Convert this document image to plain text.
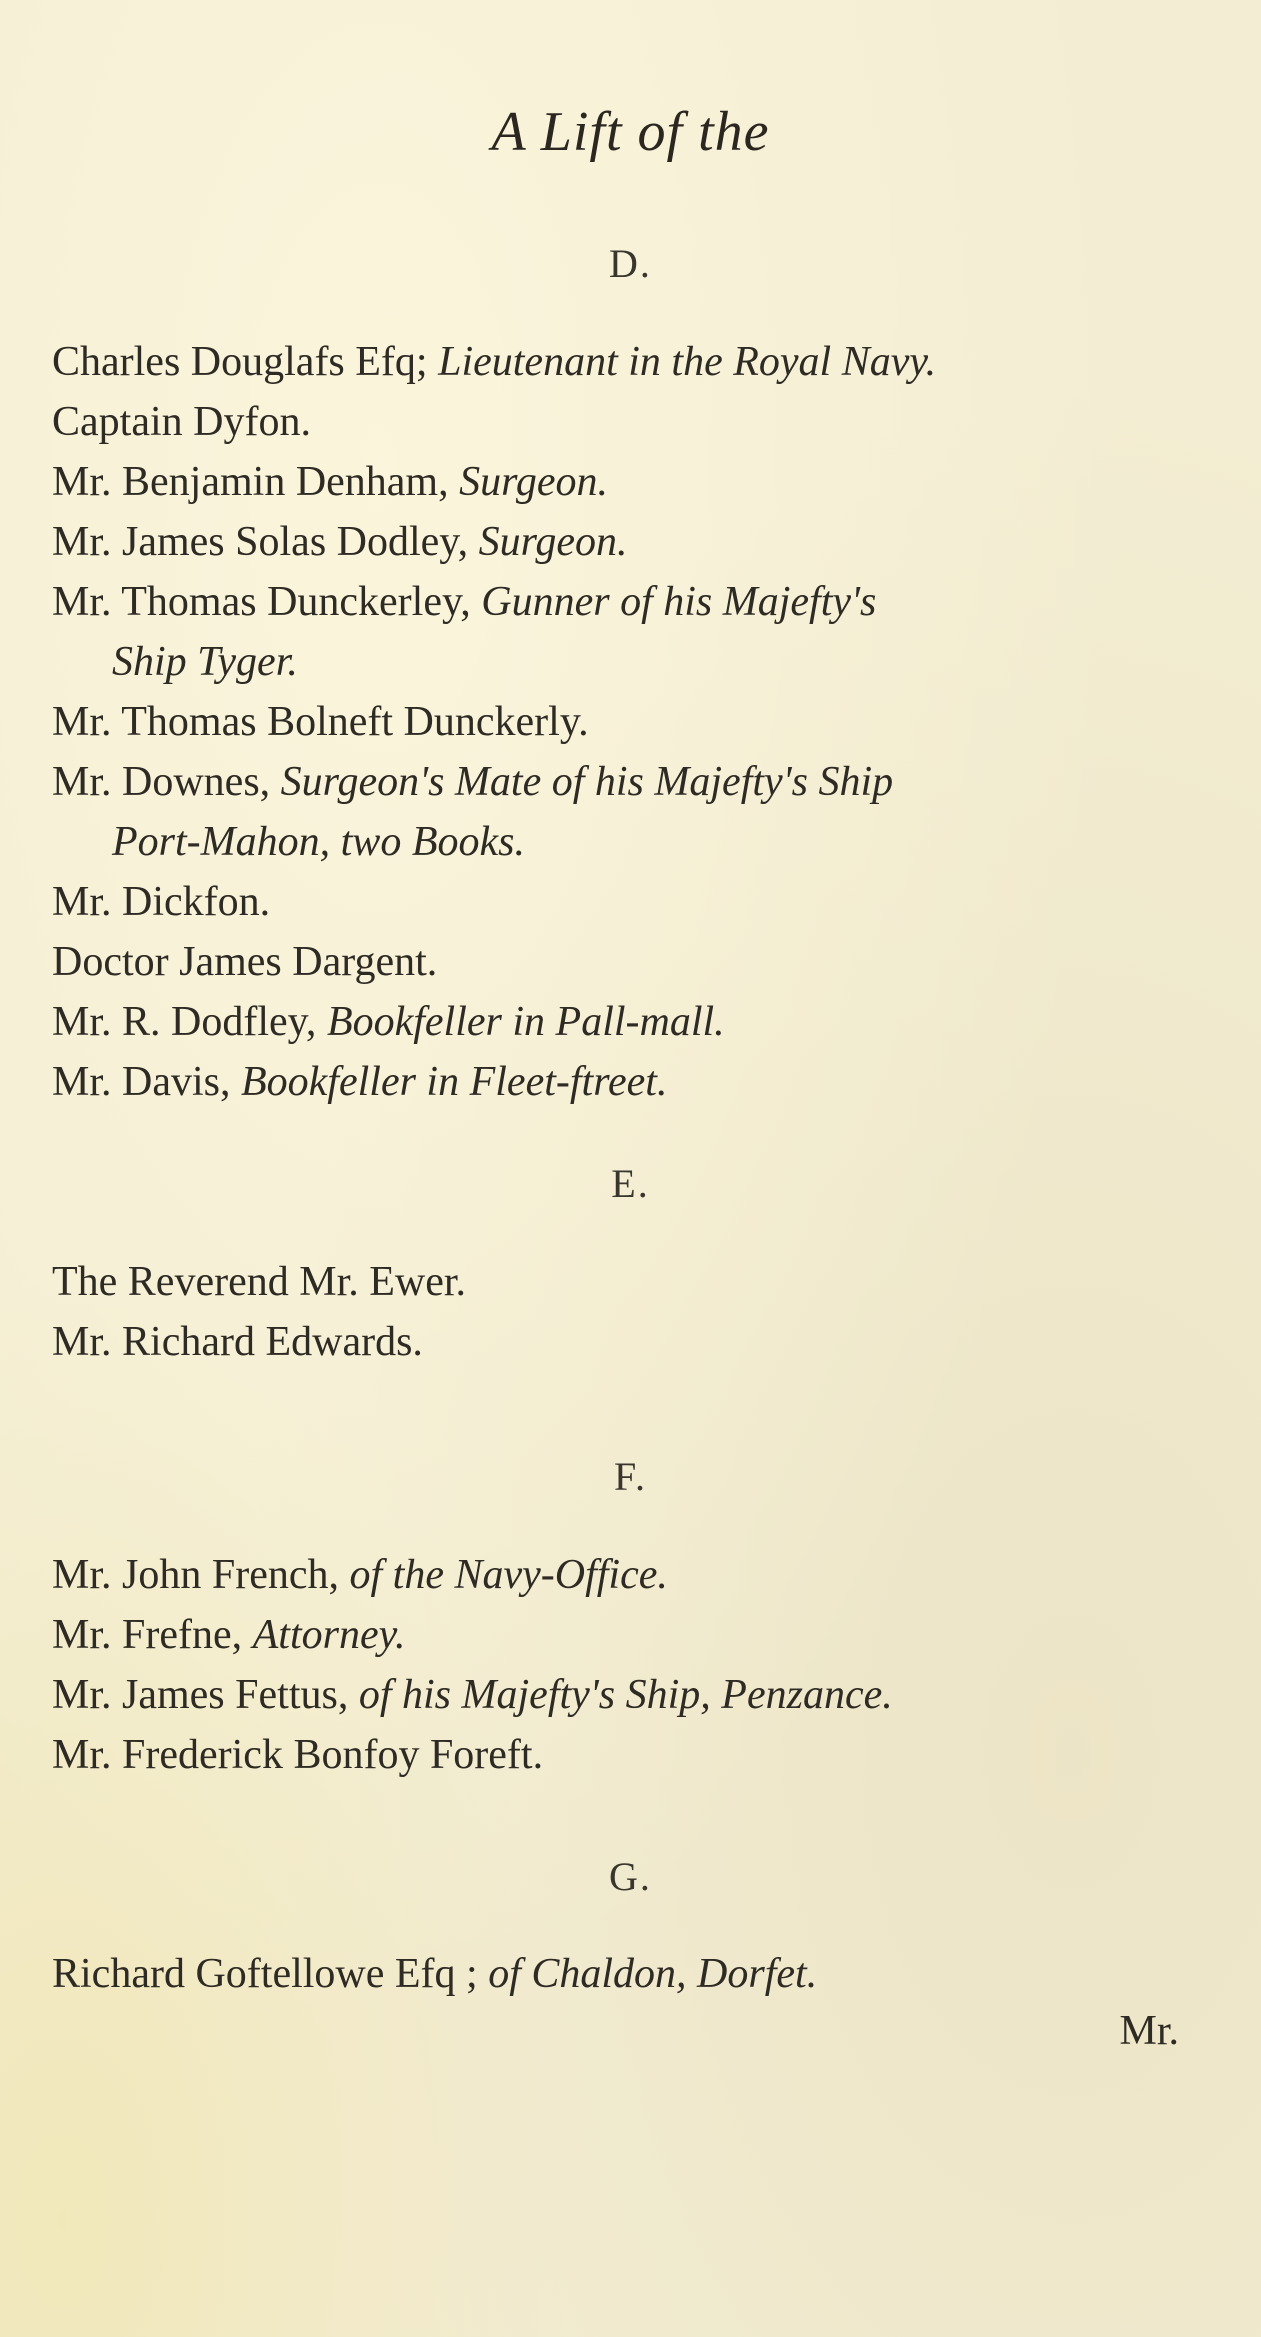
A Lift of the
D.
Charles Douglafs Efq; Lieutenant in the Royal Navy.
Captain Dyfon.
Mr. Benjamin Denham, Surgeon.
Mr. James Solas Dodley, Surgeon.
Mr. Thomas Dunckerley, Gunner of his Majefty's
Ship Tyger.
Mr. Thomas Bolneft Dunckerly.
Mr. Downes, Surgeon's Mate of his Majefty's Ship
Port-Mahon, two Books.
Mr. Dickfon.
Doctor James Dargent.
Mr. R. Dodfley, Bookfeller in Pall-mall.
Mr. Davis, Bookfeller in Fleet-ftreet.
E.
The Reverend Mr. Ewer.
Mr. Richard Edwards.
F.
Mr. John French, of the Navy-Office.
Mr. Frefne, Attorney.
Mr. James Fettus, of his Majefty's Ship, Penzance.
Mr. Frederick Bonfoy Foreft.
G.
Richard Goftellowe Efq ; of Chaldon, Dorfet.
Mr.
